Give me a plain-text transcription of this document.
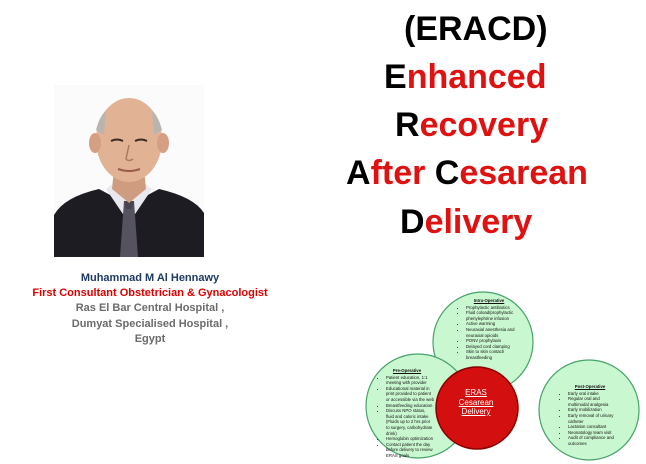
Muhammad M Al Hennawy
First Consultant Obstetrician & Gynacologist
Ras El Bar Central Hospital ,
Dumyat Specialised Hospital ,
Egypt
(ERACD)
Enhanced
Recovery
After Cesarean
Delivery
Intra-Operative
• Prophylactic antibiotics
• Fluid coload/prophylactic phenylephrine infusion
• Active warming
• Neuraxial anesthesia and neuraxial opioids
• PONV prophylaxis
• Delayed cord clamping
• Skin to skin contact/ breastfeeding
Pre-Operative
• Patient education, 1:1 meeting with provider
• Educational material in print provided to patient or accessible via the web
• Breastfeeding education
• Discuss NPO status, fluid and caloric intake (Fluids up to 2 hrs prior to surgery, carbohydrate drink)
• Hemoglobin optimization
• Contact patient the day before delivery to review ERAS goals
Post-Operative
• Early oral intake
• Regular oral and multimodal analgesia
• Early mobilization
• Early removal of urinary catheter
• Lactation consultant
• Neonatology team visit
• Audit of compliance and outcomes
ERAS
Cesarean
Delivery
